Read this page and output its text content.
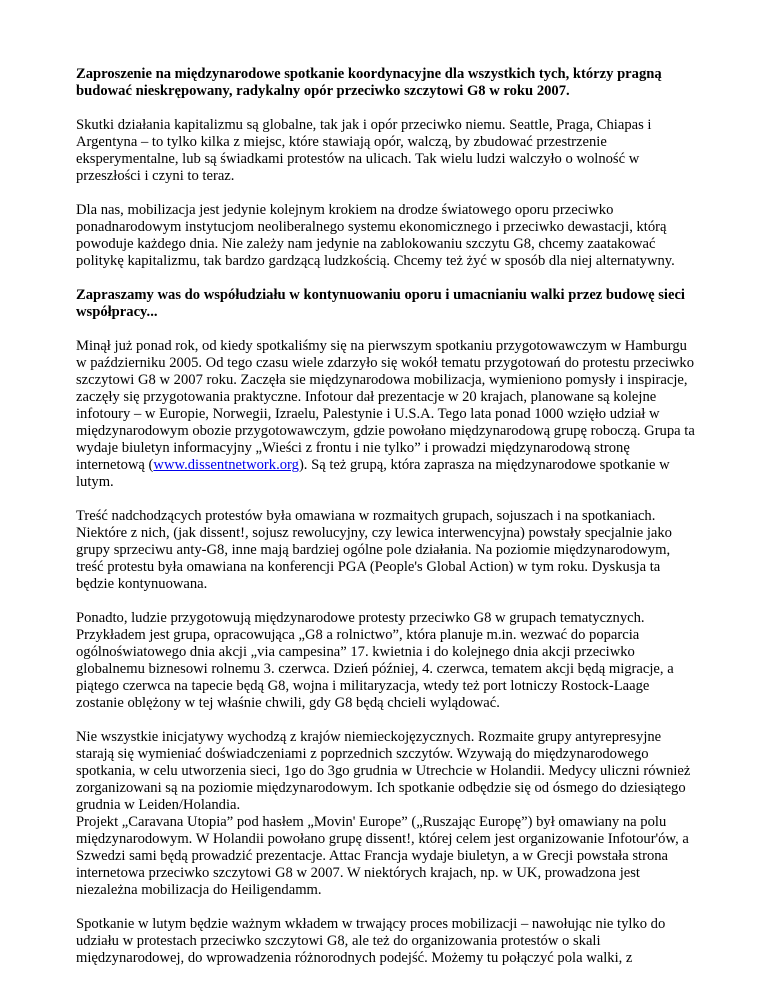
Zaproszenie na międzynarodowe spotkanie koordynacyjne dla wszystkich tych, którzy pragną budować nieskrępowany, radykalny opór przeciwko szczytowi G8 w roku 2007.

Skutki działania kapitalizmu są globalne, tak jak i opór przeciwko niemu. Seattle, Praga, Chiapas i Argentyna – to tylko kilka z miejsc, które stawiają opór, walczą, by zbudować przestrzenie eksperymentalne, lub są świadkami protestów na ulicach. Tak wielu ludzi walczyło o wolność w przeszłości i czyni to teraz.

Dla nas, mobilizacja jest jedynie kolejnym krokiem na drodze światowego oporu przeciwko ponadnarodowym instytucjom neoliberalnego systemu ekonomicznego i przeciwko dewastacji, którą powoduje każdego dnia. Nie zależy nam jedynie na zablokowaniu szczytu G8, chcemy zaatakować politykę kapitalizmu, tak bardzo gardzącą ludzkością. Chcemy też żyć w sposób dla niej alternatywny.

Zapraszamy was do współudziału w kontynuowaniu oporu i umacnianiu walki przez budowę sieci współpracy...

Minął już ponad rok, od kiedy spotkaliśmy się na pierwszym spotkaniu przygotowawczym w Hamburgu w październiku 2005. Od tego czasu wiele zdarzyło się wokół tematu przygotowań do protestu przeciwko szczytowi G8 w 2007 roku. Zaczęła sie międzynarodowa mobilizacja, wymieniono pomysły i inspiracje, zaczęły się przygotowania praktyczne. Infotour dał prezentacje w 20 krajach, planowane są kolejne infotoury – w Europie, Norwegii, Izraelu, Palestynie i U.S.A. Tego lata ponad 1000 wzięło udział w międzynarodowym obozie przygotowawczym, gdzie powołano międzynarodową grupę roboczą. Grupa ta wydaje biuletyn informacyjny „Wieści z frontu i nie tylko” i prowadzi międzynarodową stronę internetową (www.dissentnetwork.org). Są też grupą, która zaprasza na międzynarodowe spotkanie w lutym.

Treść nadchodzących protestów była omawiana w rozmaitych grupach, sojuszach i na spotkaniach. Niektóre z nich, (jak dissent!, sojusz rewolucyjny, czy lewica interwencyjna) powstały specjalnie jako grupy sprzeciwu anty-G8, inne mają bardziej ogólne pole działania. Na poziomie międzynarodowym, treść protestu była omawiana na konferencji PGA (People's Global Action) w tym roku. Dyskusja ta będzie kontynuowana.

Ponadto, ludzie przygotowują międzynarodowe protesty przeciwko G8 w grupach tematycznych. Przykładem jest grupa, opracowująca „G8 a rolnictwo”, która planuje m.in. wezwać do poparcia ogólnoświatowego dnia akcji „via campesina” 17. kwietnia i do kolejnego dnia akcji przeciwko globalnemu biznesowi rolnemu 3. czerwca. Dzień później, 4. czerwca, tematem akcji będą migracje, a piątego czerwca na tapecie będą G8, wojna i militaryzacja, wtedy też port lotniczy Rostock-Laage zostanie oblężony w tej właśnie chwili, gdy G8 będą chcieli wylądować.

Nie wszystkie inicjatywy wychodzą z krajów niemieckojęzycznych. Rozmaite grupy antyrepresyjne starają się wymieniać doświadczeniami z poprzednich szczytów. Wzywają do międzynarodowego spotkania, w celu utworzenia sieci, 1go do 3go grudnia w Utrechcie w Holandii. Medycy uliczni również zorganizowani są na poziomie międzynarodowym. Ich spotkanie odbędzie się od ósmego do dziesiątego grudnia w Leiden/Holandia.

Projekt „Caravana Utopia” pod hasłem „Movin' Europe” („Ruszając Europę”) był omawiany na polu międzynarodowym. W Holandii powołano grupę dissent!, której celem jest organizowanie Infotour'ów, a Szwedzi sami będą prowadzić prezentacje. Attac Francja wydaje biuletyn, a w Grecji powstała strona internetowa przeciwko szczytowi G8 w 2007. W niektórych krajach, np. w UK, prowadzona jest niezależna mobilizacja do Heiligendamm.

Spotkanie w lutym będzie ważnym wkładem w trwający proces mobilizacji – nawołując nie tylko do udziału w protestach przeciwko szczytowi G8, ale też do organizowania protestów o skali międzynarodowej, do wprowadzenia różnorodnych podejść. Możemy tu połączyć pola walki, z
